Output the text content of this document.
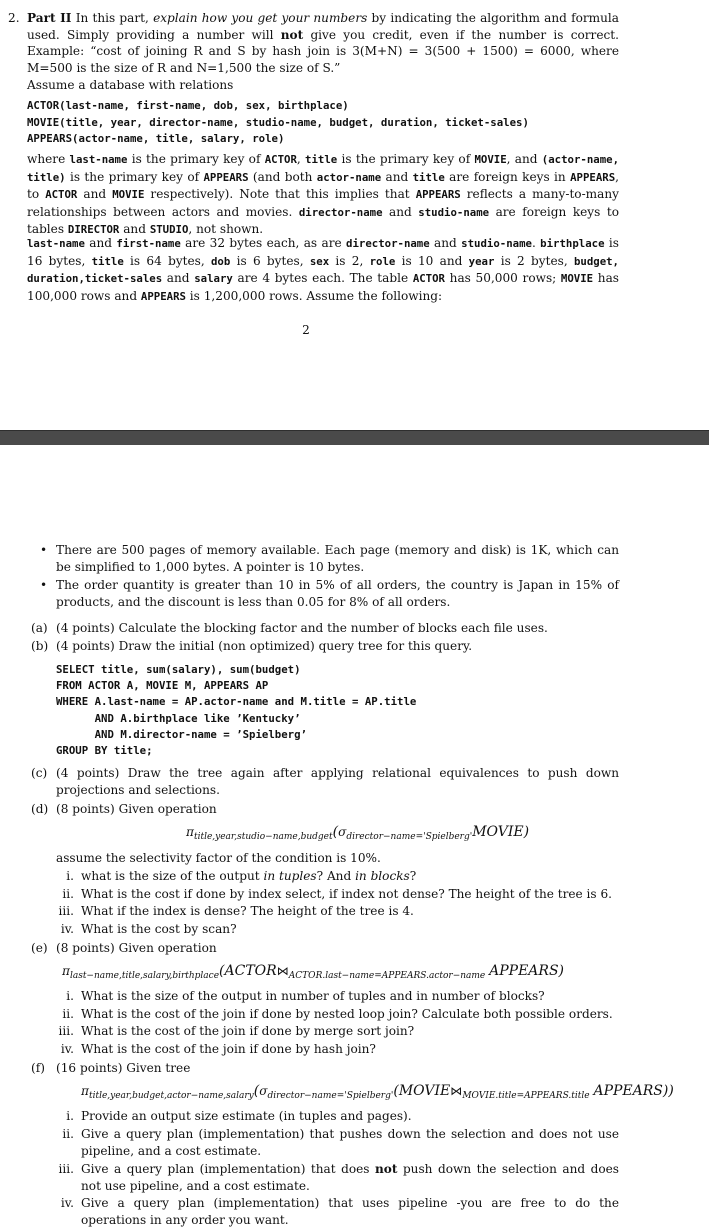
2. Part II In this part, explain how you get your numbers by indicating the algorithm and formula used. Simply providing a number will not give you credit, even if the number is correct. Example: “cost of joining R and S by hash join is 3(M+N) = 3(500 + 1500) = 6000, where M=500 is the size of R and N=1,500 the size of S.”

Assume a database with relations

ACTOR(last-name, first-name, dob, sex, birthplace)

MOVIE(title, year, director-name, studio-name, budget, duration, ticket-sales)

APPEARS(actor-name, title, salary, role)

where last-name is the primary key of ACTOR, title is the primary key of MOVIE, and (actor-name, title) is the primary key of APPEARS (and both actor-name and title are foreign keys in APPEARS, to ACTOR and MOVIE respectively). Note that this implies that APPEARS reflects a many-to-many relationships between actors and movies. director-name and studio-name are foreign keys to tables DIRECTOR and STUDIO, not shown.

last-name and first-name are 32 bytes each, as are director-name and studio-name. birthplace is 16 bytes, title is 64 bytes, dob is 6 bytes, sex is 2, role is 10 and year is 2 bytes, budget, duration,ticket-sales and salary are 4 bytes each. The table ACTOR has 50,000 rows; MOVIE has 100,000 rows and APPEARS is 1,200,000 rows. Assume the following:

2
• There are 500 pages of memory available. Each page (memory and disk) is 1K, which can be simplified to 1,000 bytes. A pointer is 10 bytes.

• The order quantity is greater than 10 in 5% of all orders, the country is Japan in 15% of products, and the discount is less than 0.05 for 8% of all orders.

(a) (4 points) Calculate the blocking factor and the number of blocks each file uses.

(b) (4 points) Draw the initial (non optimized) query tree for this query.

SELECT title, sum(salary), sum(budget)
FROM ACTOR A, MOVIE M, APPEARS AP
WHERE A.last-name = AP.actor-name and M.title = AP.title
AND A.birthplace like ’Kentucky’
AND M.director-name = ’Spielberg’
GROUP BY title;
(c) (4 points) Draw the tree again after applying relational equivalences to push down projections and selections.

(d) (8 points) Given operation

$\pi_{title,year,studio-name,budget}(\sigma_{director-name='Spielberg'}MOVIE)$

assume the selectivity factor of the condition is 10%.

i. what is the size of the output in tuples? And in blocks?

ii. What is the cost if done by index select, if index not dense? The height of the tree is 6.

iii. What if the index is dense? The height of the tree is 4.

iv. What is the cost by scan?

(e) (8 points) Given operation

$\pi_{last-name,title,salary,birthplace}(ACTOR⋈_{ACTOR.last-name=APPEARS.actor-name}$ APPEARS)

i. What is the size of the output in number of tuples and in number of blocks?

ii. What is the cost of the join if done by nested loop join? Calculate both possible orders.

iii. What is the cost of the join if done by merge sort join?

iv. What is the cost of the join if done by hash join?

(f) (16 points) Given tree

$\pi_{title,year,budget,actor-name,salary}(\sigma_{director-name='Spielberg'}(MOVIE⋈_{MOVIE.title=APPEARS.title}$ APPEARS))

i. Provide an output size estimate (in tuples and pages).

ii. Give a query plan (implementation) that pushes down the selection and does not use pipeline, and a cost estimate.

iii. Give a query plan (implementation) that does not push down the selection and does not use pipeline, and a cost estimate.

iv. Give a query plan (implementation) that uses pipeline -you are free to do the operations in any order you want.
